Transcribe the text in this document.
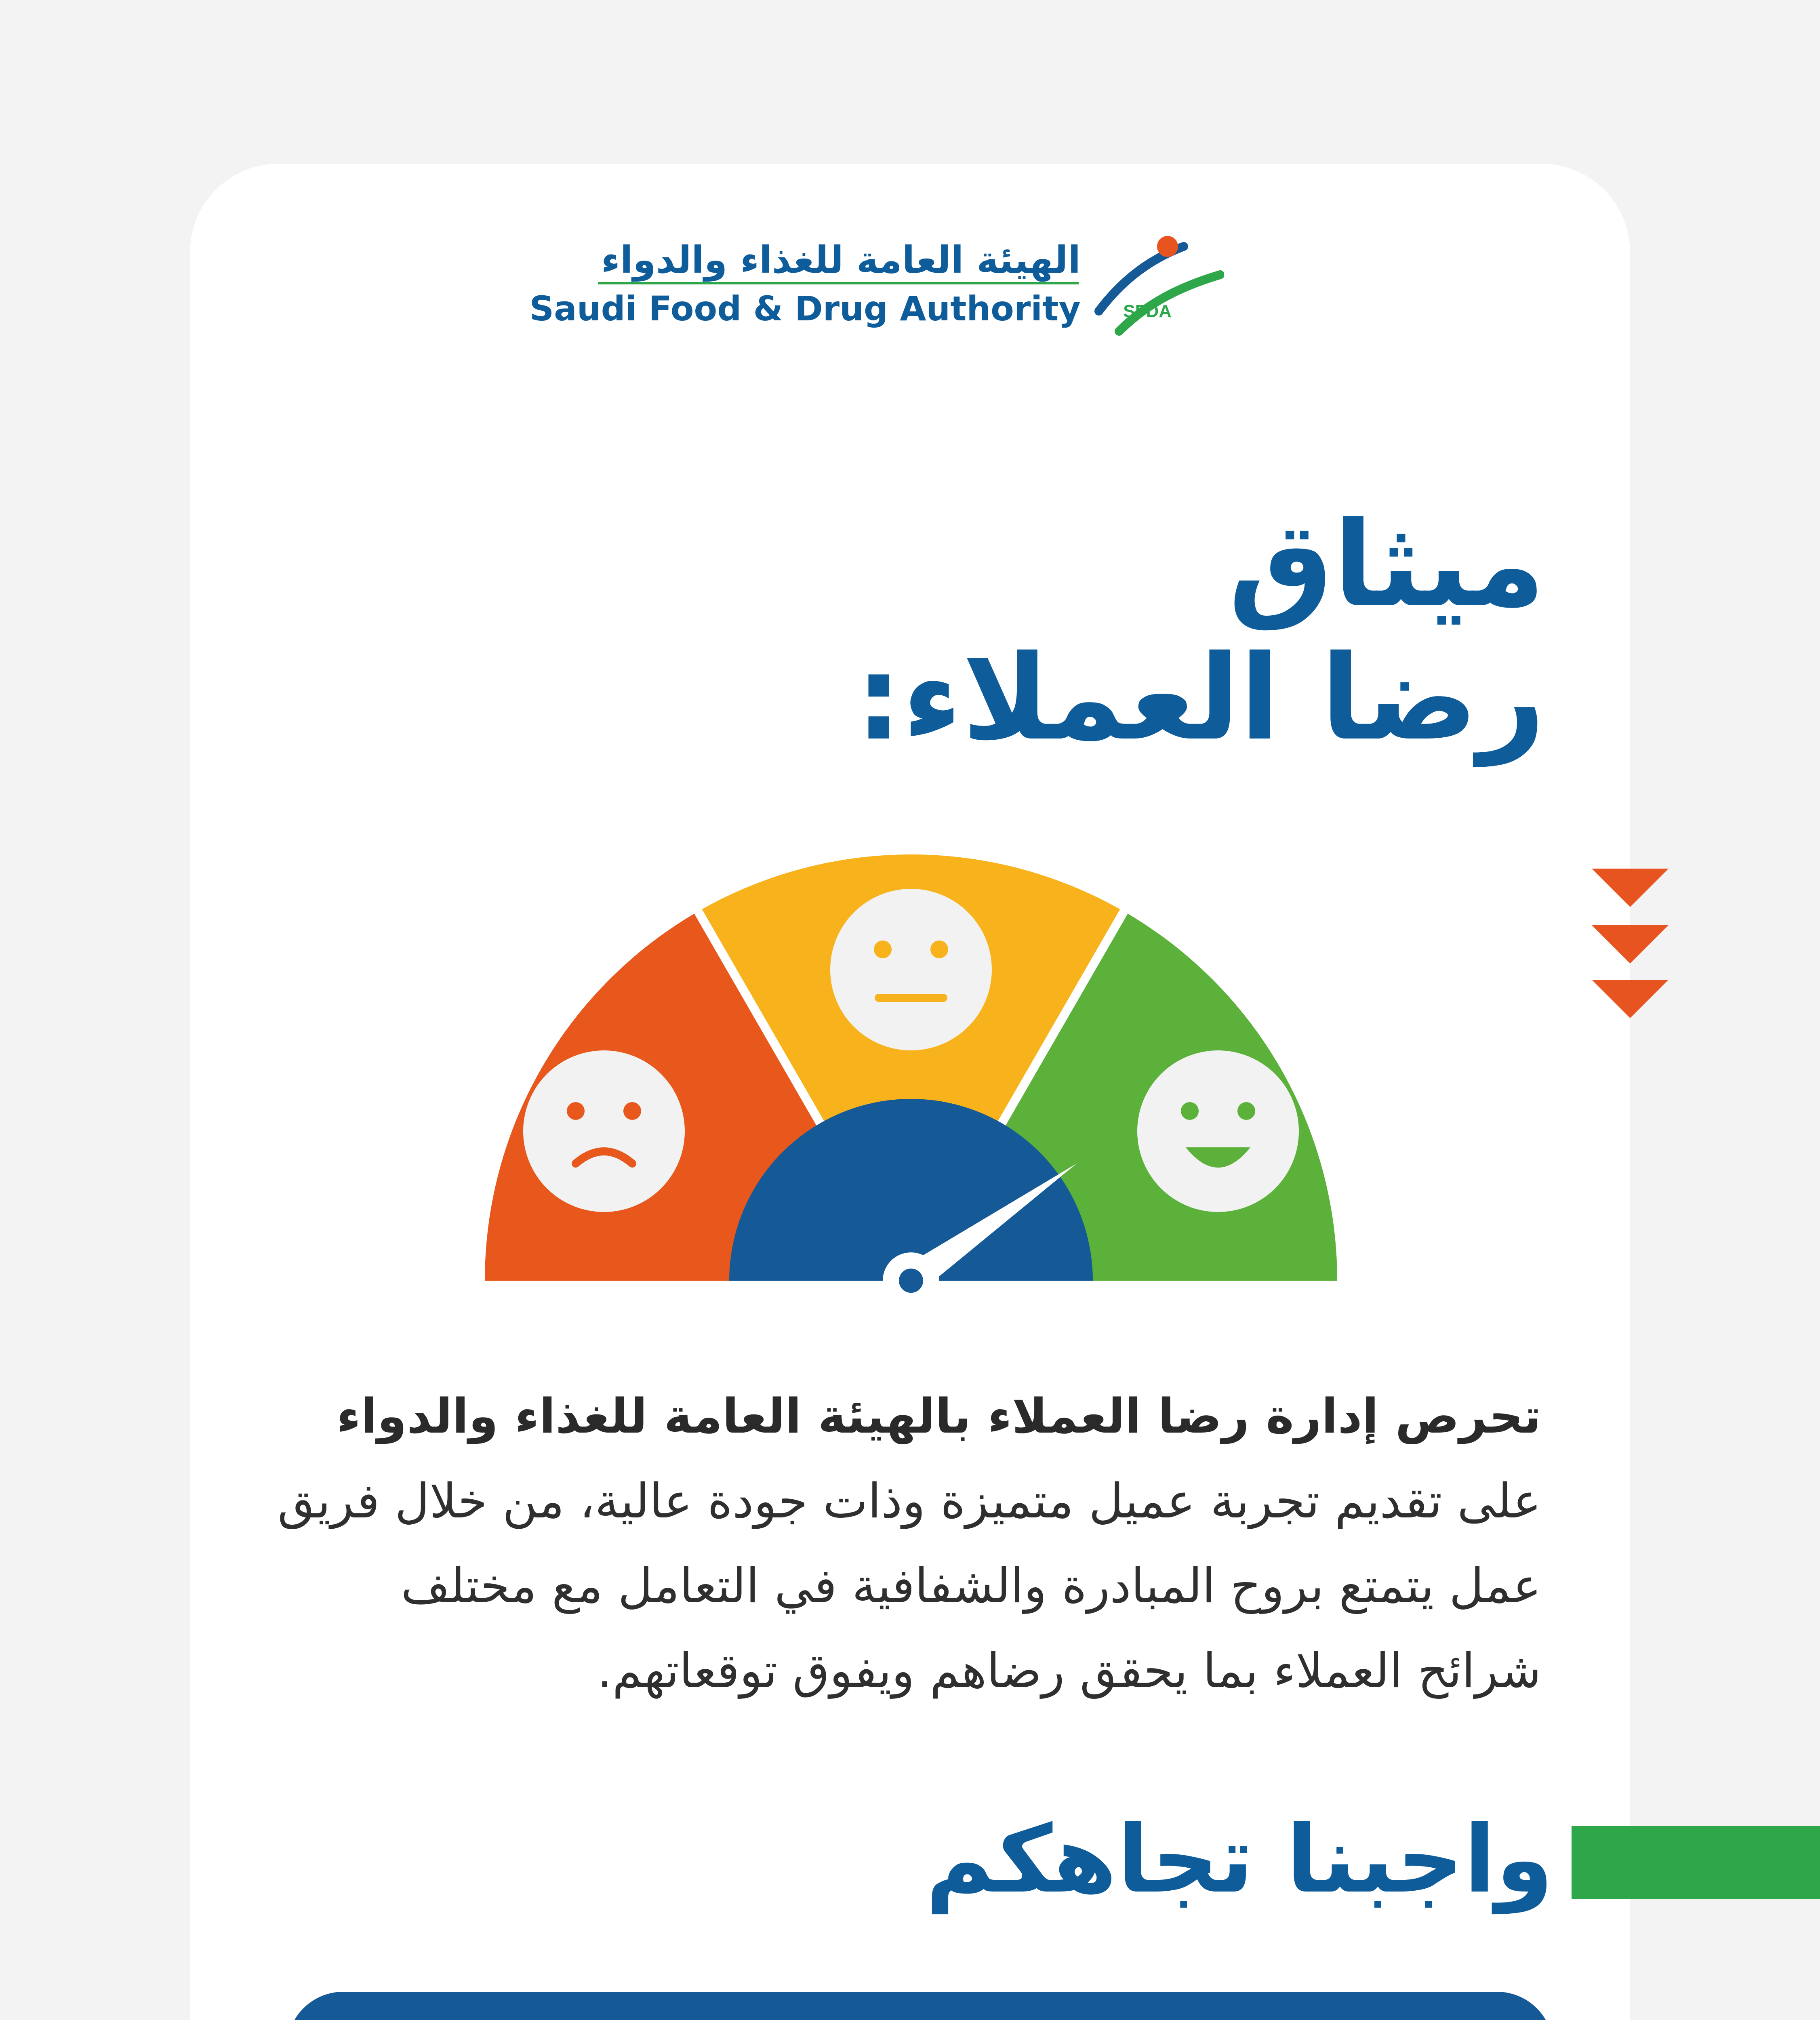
الهيئة العامة للغذاء والدواء
Saudi Food & Drug Authority SFDA
ميثاق
رضا العملاء:
تحرص إدارة رضا العملاء بالهيئة العامة للغذاء والدواء على تقديم تجربة عميل متميزة وذات جودة عالية، من خلال فريق عمل يتمتع بروح المبادرة والشفافية في التعامل مع مختلف شرائح العملاء بما يحقق رضاهم ويفوق توقعاتهم.
واجبنا تجاهكم
